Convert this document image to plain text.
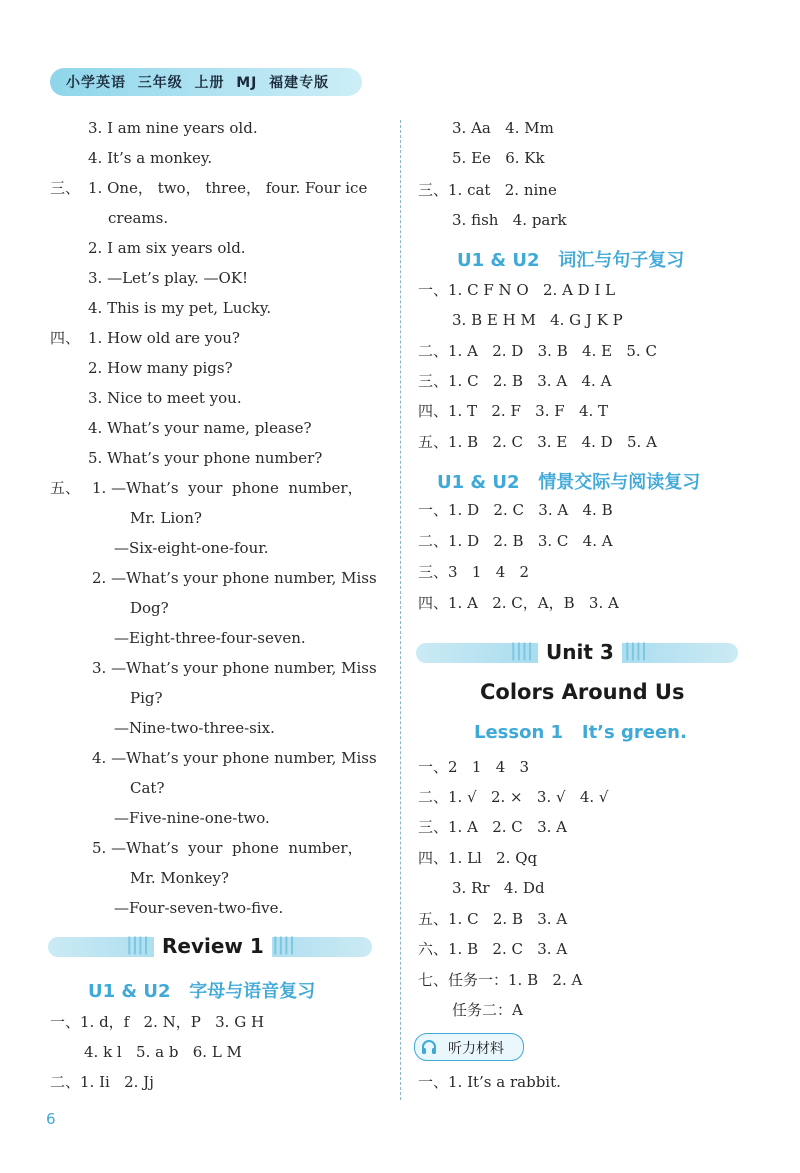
小学英语  三年级  上册  MJ  福建专版
3. I am nine years old.
4. It’s a monkey.
三、 1. One， two， three， four. Four ice
creams.
2. I am six years old.
3. —Let’s play. —OK!
4. This is my pet, Lucky.
四、 1. How old are you?
2. How many pigs?
3. Nice to meet you.
4. What’s your name, please?
5. What’s your phone number?
五、 1. —What’s  your  phone  number，
Mr. Lion?
—Six-eight-one-four.
2. —What’s your phone number, Miss
Dog?
—Eight-three-four-seven.
3. —What’s your phone number, Miss
Pig?
—Nine-two-three-six.
4. —What’s your phone number, Miss
Cat?
—Five-nine-one-two.
5. —What’s  your  phone  number，
Mr. Monkey?
—Four-seven-two-five.
||||	||||
Review 1
U1 & U2   字母与语音复习
一、1. d，f   2. N，P   3. G H
4. k l   5. a b   6. L M
二、1. Ii   2. Jj
3. Aa   4. Mm
5. Ee   6. Kk
三、1. cat   2. nine
3. fish   4. park
U1 & U2   词汇与句子复习
一、1. C F N O   2. A D I L
3. B E H M   4. G J K P
二、1. A   2. D   3. B   4. E   5. C
三、1. C   2. B   3. A   4. A
四、1. T   2. F   3. F   4. T
五、1. B   2. C   3. E   4. D   5. A
U1 & U2   情景交际与阅读复习
一、1. D   2. C   3. A   4. B
二、1. D   2. B   3. C   4. A
三、3   1   4   2
四、1. A   2. C，A，B   3. A
||||	||||
Unit 3
Colors Around Us
Lesson 1   It’s green.
一、2   1   4   3
二、1. √   2. ×   3. √   4. √
三、1. A   2. C   3. A
四、1. Ll   2. Qq
3. Rr   4. Dd
五、1. C   2. B   3. A
六、1. B   2. C   3. A
七、任务一：1. B   2. A
任务二：A
听力材料
一、1. It’s a rabbit.
6
